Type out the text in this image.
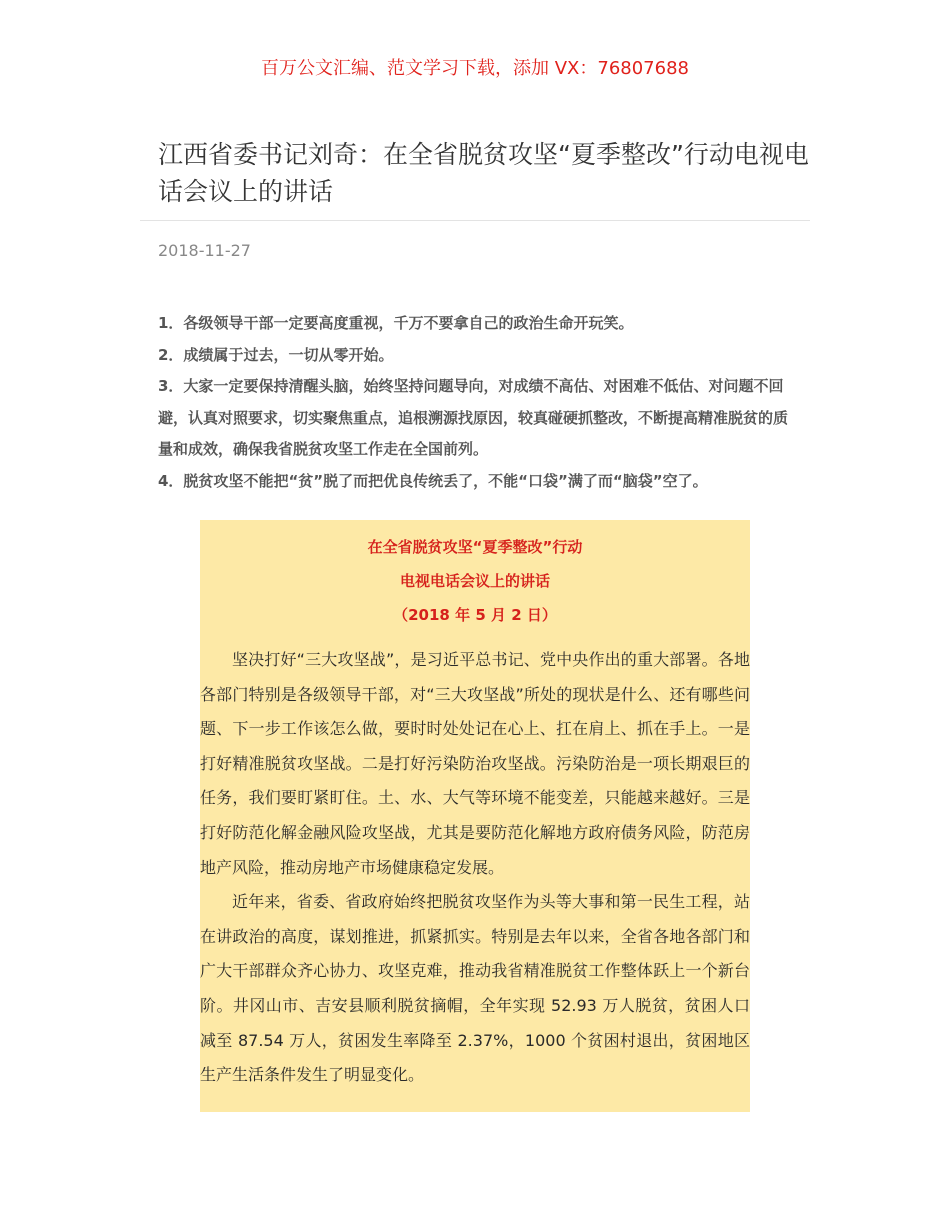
百万公文汇编、范文学习下载，添加 VX：76807688
江西省委书记刘奇：在全省脱贫攻坚“夏季整改”行动电视电话会议上的讲话
2018-11-27

1．各级领导干部一定要高度重视，千万不要拿自己的政治生命开玩笑。

2．成绩属于过去，一切从零开始。

3．大家一定要保持清醒头脑，始终坚持问题导向，对成绩不高估、对困难不低估、对问题不回避，认真对照要求，切实聚焦重点，追根溯源找原因，较真碰硬抓整改，不断提高精准脱贫的质量和成效，确保我省脱贫攻坚工作走在全国前列。

4．脱贫攻坚不能把“贫”脱了而把优良传统丢了，不能“口袋”满了而“脑袋”空了。

在全省脱贫攻坚“夏季整改”行动
电视电话会议上的讲话
（2018 年 5 月 2 日）

坚决打好“三大攻坚战”，是习近平总书记、党中央作出的重大部署。各地各部门特别是各级领导干部，对“三大攻坚战”所处的现状是什么、还有哪些问题、下一步工作该怎么做，要时时处处记在心上、扛在肩上、抓在手上。一是打好精准脱贫攻坚战。二是打好污染防治攻坚战。污染防治是一项长期艰巨的任务，我们要盯紧盯住。土、水、大气等环境不能变差，只能越来越好。三是打好防范化解金融风险攻坚战，尤其是要防范化解地方政府债务风险，防范房地产风险，推动房地产市场健康稳定发展。

近年来，省委、省政府始终把脱贫攻坚作为头等大事和第一民生工程，站在讲政治的高度，谋划推进，抓紧抓实。特别是去年以来，全省各地各部门和广大干部群众齐心协力、攻坚克难，推动我省精准脱贫工作整体跃上一个新台阶。井冈山市、吉安县顺利脱贫摘帽，全年实现 52.93 万人脱贫，贫困人口减至 87.54 万人，贫困发生率降至 2.37%，1000 个贫困村退出，贫困地区生产生活条件发生了明显变化。
